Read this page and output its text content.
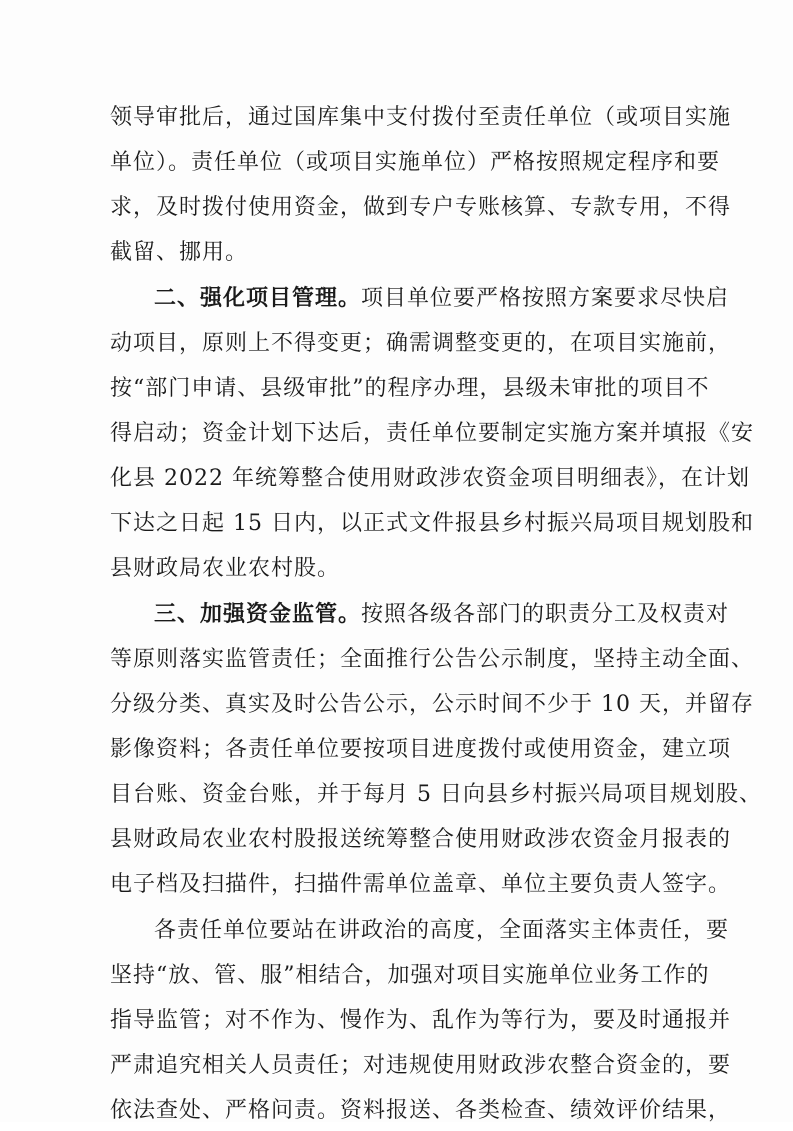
领导审批后，通过国库集中支付拨付至责任单位（或项目实施
单位）。责任单位（或项目实施单位）严格按照规定程序和要
求，及时拨付使用资金，做到专户专账核算、专款专用，不得
截留、挪用。
二、强化项目管理。项目单位要严格按照方案要求尽快启
动项目，原则上不得变更；确需调整变更的，在项目实施前，
按“部门申请、县级审批”的程序办理，县级未审批的项目不
得启动；资金计划下达后，责任单位要制定实施方案并填报《安
化县 2022 年统筹整合使用财政涉农资金项目明细表》，在计划
下达之日起 15 日内，以正式文件报县乡村振兴局项目规划股和
县财政局农业农村股。
三、加强资金监管。按照各级各部门的职责分工及权责对
等原则落实监管责任；全面推行公告公示制度，坚持主动全面、
分级分类、真实及时公告公示，公示时间不少于 10 天，并留存
影像资料；各责任单位要按项目进度拨付或使用资金，建立项
目台账、资金台账，并于每月 5 日向县乡村振兴局项目规划股、
县财政局农业农村股报送统筹整合使用财政涉农资金月报表的
电子档及扫描件，扫描件需单位盖章、单位主要负责人签字。
各责任单位要站在讲政治的高度，全面落实主体责任，要
坚持“放、管、服”相结合，加强对项目实施单位业务工作的
指导监管；对不作为、慢作为、乱作为等行为，要及时通报并
严肃追究相关人员责任；对违规使用财政涉农整合资金的，要
依法查处、严格问责。资料报送、各类检查、绩效评价结果，
